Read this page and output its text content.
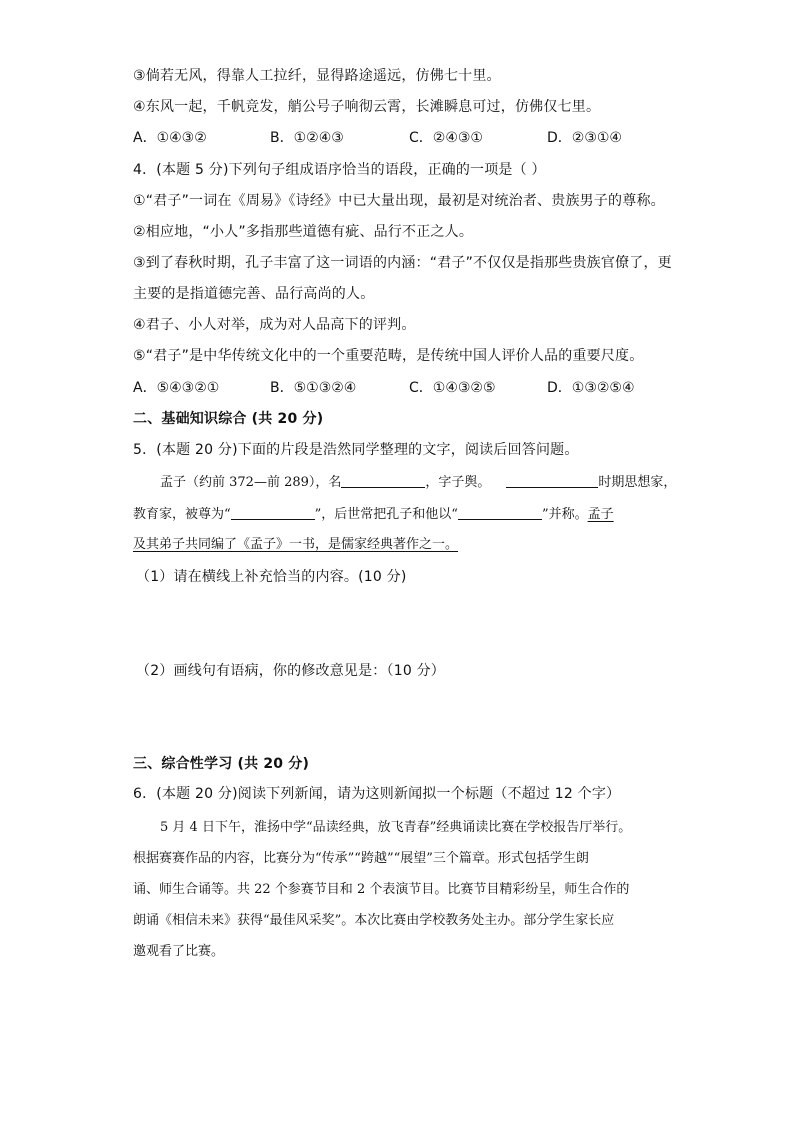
③倘若无风，得靠人工拉纤，显得路途遥远，仿佛七十里。
④东风一起，千帆竞发，艄公号子响彻云霄，长滩瞬息可过，仿佛仅七里。
A．①④③②	B．①②④③	C．②④③①	D．②③①④
4．(本题 5 分)下列句子组成语序恰当的语段，正确的一项是（ ）
①“君子”一词在《周易》《诗经》中已大量出现，最初是对统治者、贵族男子的尊称。
②相应地，“小人”多指那些道德有疵、品行不正之人。
③到了春秋时期，孔子丰富了这一词语的内涵：“君子”不仅仅是指那些贵族官僚了，更
主要的是指道德完善、品行高尚的人。
④君子、小人对举，成为对人品高下的评判。
⑤“君子”是中华传统文化中的一个重要范畴，是传统中国人评价人品的重要尺度。
A．⑤④③②①	B．⑤①③②④	C．①④③②⑤	D．①③②⑤④
二、基础知识综合 (共 20 分)
5．(本题 20 分)下面的片段是浩然同学整理的文字，阅读后回答问题。
孟子（约前 372—前 289），名	，字子舆。	时期思想家，
教育家，被尊为“	”，后世常把孔子和他以“	”并称。孟子
及其弟子共同编了《孟子》一书，是儒家经典著作之一。
（1）请在横线上补充恰当的内容。(10 分)
（2）画线句有语病，你的修改意见是：（10 分）
三、综合性学习 (共 20 分)
6．(本题 20 分)阅读下列新闻，请为这则新闻拟一个标题（不超过 12 个字）
5 月 4 日下午，淮扬中学“品读经典，放飞青春”经典诵读比赛在学校报告厅举行。
根据赛赛作品的内容，比赛分为“传承”“跨越”“展望”三个篇章。形式包括学生朗
诵、师生合诵等。共 22 个参赛节目和 2 个表演节目。比赛节目精彩纷呈，师生合作的
朗诵《相信未来》获得“最佳风采奖”。本次比赛由学校教务处主办。部分学生家长应
邀观看了比赛。
